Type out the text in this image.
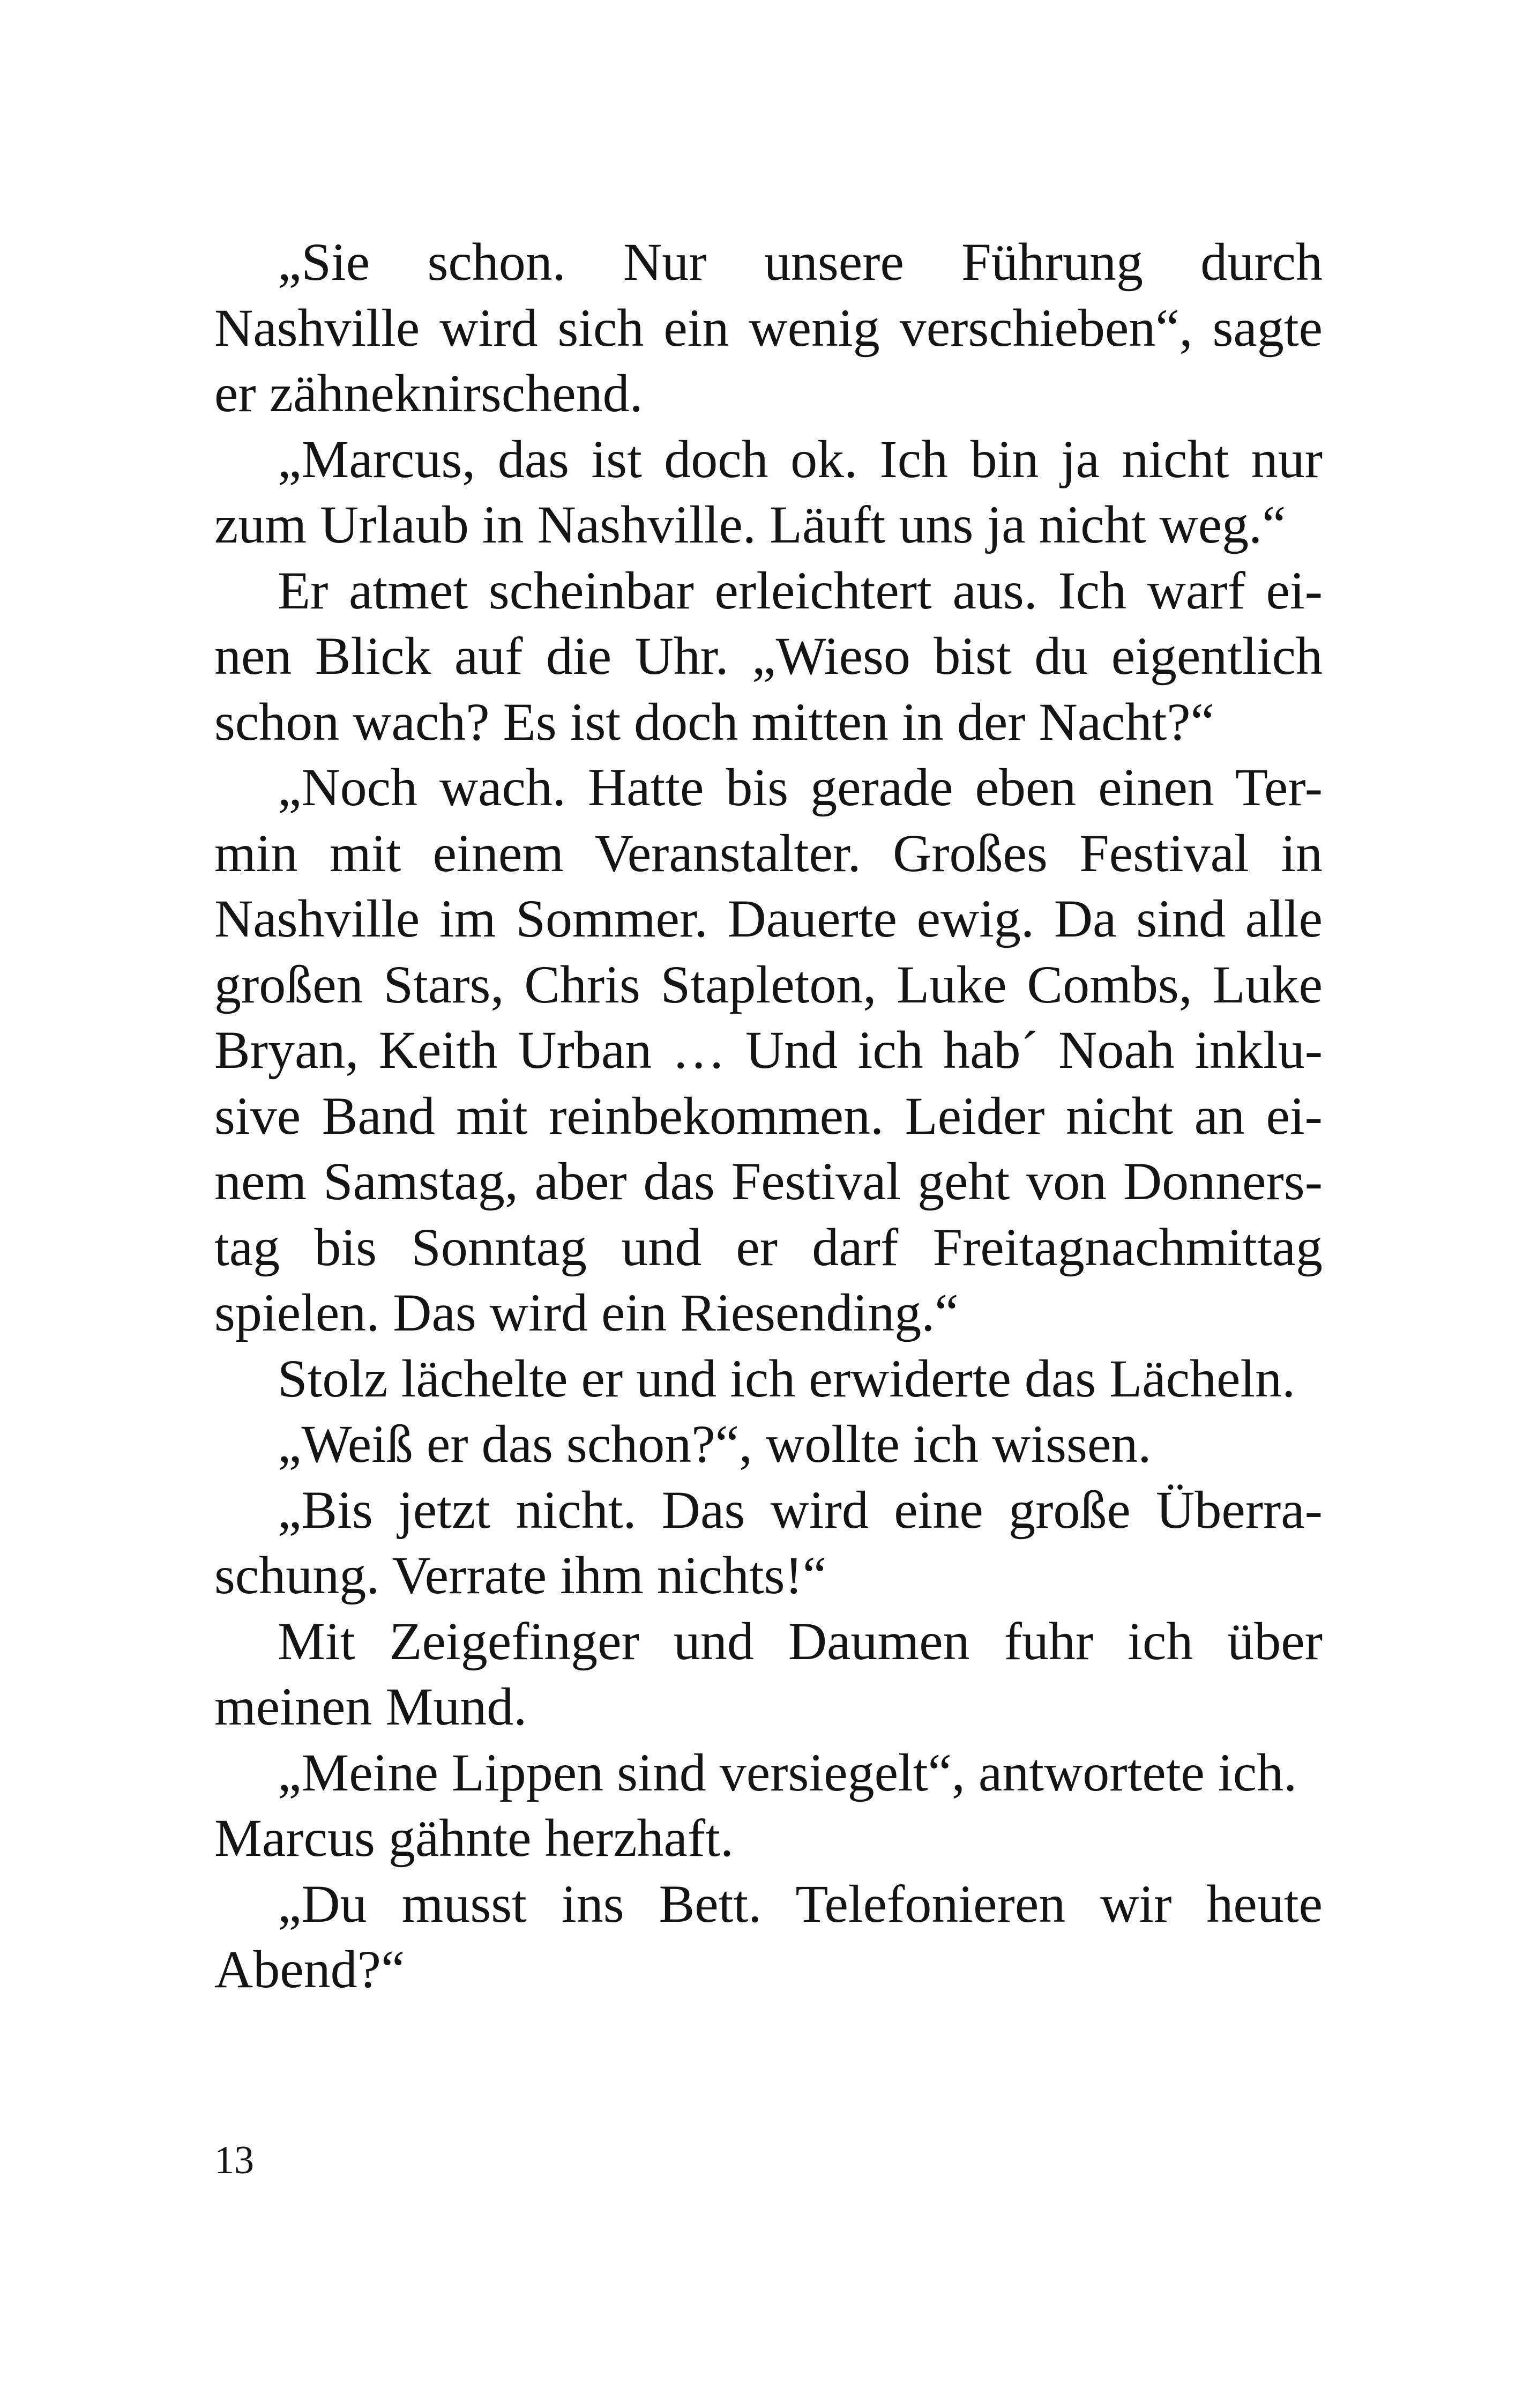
„Sie schon. Nur unsere Führung durch
Nashville wird sich ein wenig verschieben“, sagte
er zähneknirschend.
„Marcus, das ist doch ok. Ich bin ja nicht nur
zum Urlaub in Nashville. Läuft uns ja nicht weg.“
Er atmet scheinbar erleichtert aus. Ich warf ei-
nen Blick auf die Uhr. „Wieso bist du eigentlich
schon wach? Es ist doch mitten in der Nacht?“
„Noch wach. Hatte bis gerade eben einen Ter-
min mit einem Veranstalter. Großes Festival in
Nashville im Sommer. Dauerte ewig. Da sind alle
großen Stars, Chris Stapleton, Luke Combs, Luke
Bryan, Keith Urban … Und ich hab´ Noah inklu-
sive Band mit reinbekommen. Leider nicht an ei-
nem Samstag, aber das Festival geht von Donners-
tag bis Sonntag und er darf Freitagnachmittag
spielen. Das wird ein Riesending.“
Stolz lächelte er und ich erwiderte das Lächeln.
„Weiß er das schon?“, wollte ich wissen.
„Bis jetzt nicht. Das wird eine große Überra-
schung. Verrate ihm nichts!“
Mit Zeigefinger und Daumen fuhr ich über
meinen Mund.
„Meine Lippen sind versiegelt“, antwortete ich.
Marcus gähnte herzhaft.
„Du musst ins Bett. Telefonieren wir heute
Abend?“
13
